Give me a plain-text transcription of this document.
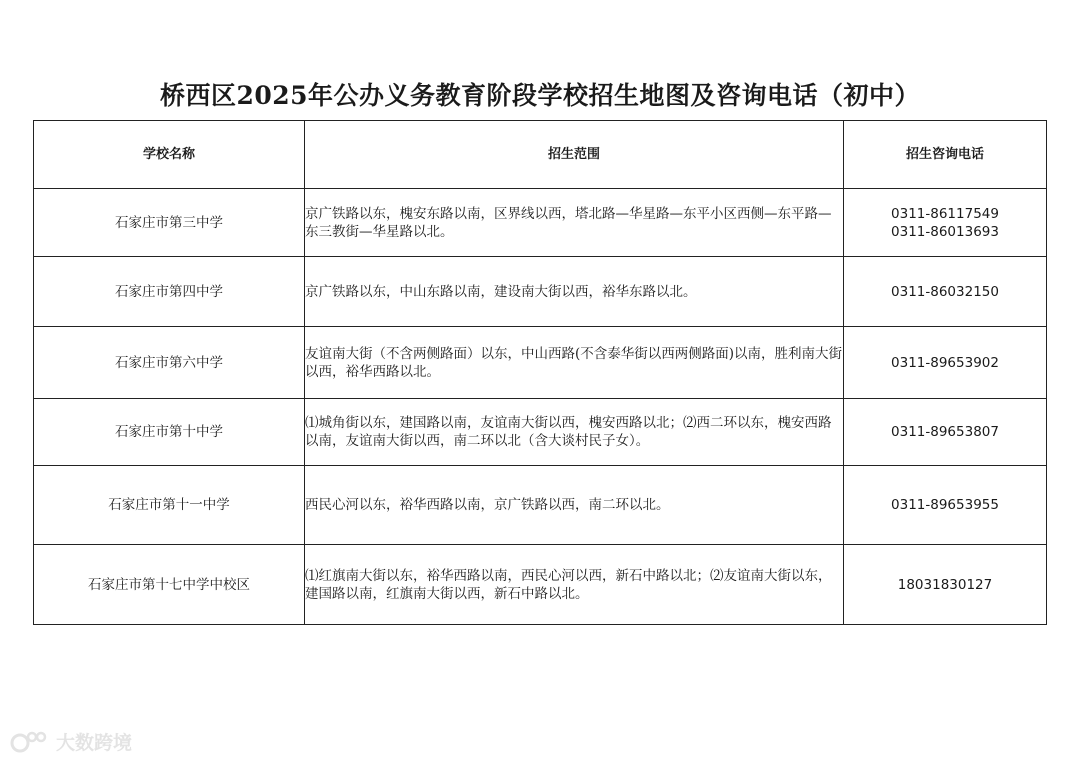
桥西区2025年公办义务教育阶段学校招生地图及咨询电话（初中）
学校名称	招生范围	招生咨询电话
石家庄市第三中学	京广铁路以东，槐安东路以南，区界线以西，塔北路—华星路—东平小区西侧—东平路—东三教街—华星路以北。	0311-86117549
0311-86013693

石家庄市第四中学	京广铁路以东，中山东路以南，建设南大街以西，裕华东路以北。	0311-86032150

石家庄市第六中学	友谊南大街（不含两侧路面）以东，中山西路(不含泰华街以西两侧路面)以南，胜利南大街以西，裕华西路以北。	0311-89653902

石家庄市第十中学	⑴城角街以东，建国路以南，友谊南大街以西，槐安西路以北；⑵西二环以东，槐安西路以南，友谊南大街以西，南二环以北（含大谈村民子女）。	0311-89653807

石家庄市第十一中学	西民心河以东，裕华西路以南，京广铁路以西，南二环以北。	0311-89653955

石家庄市第十七中学中校区	⑴红旗南大街以东，裕华西路以南，西民心河以西，新石中路以北；⑵友谊南大街以东，建国路以南，红旗南大街以西，新石中路以北。	18031830127
大数跨境
